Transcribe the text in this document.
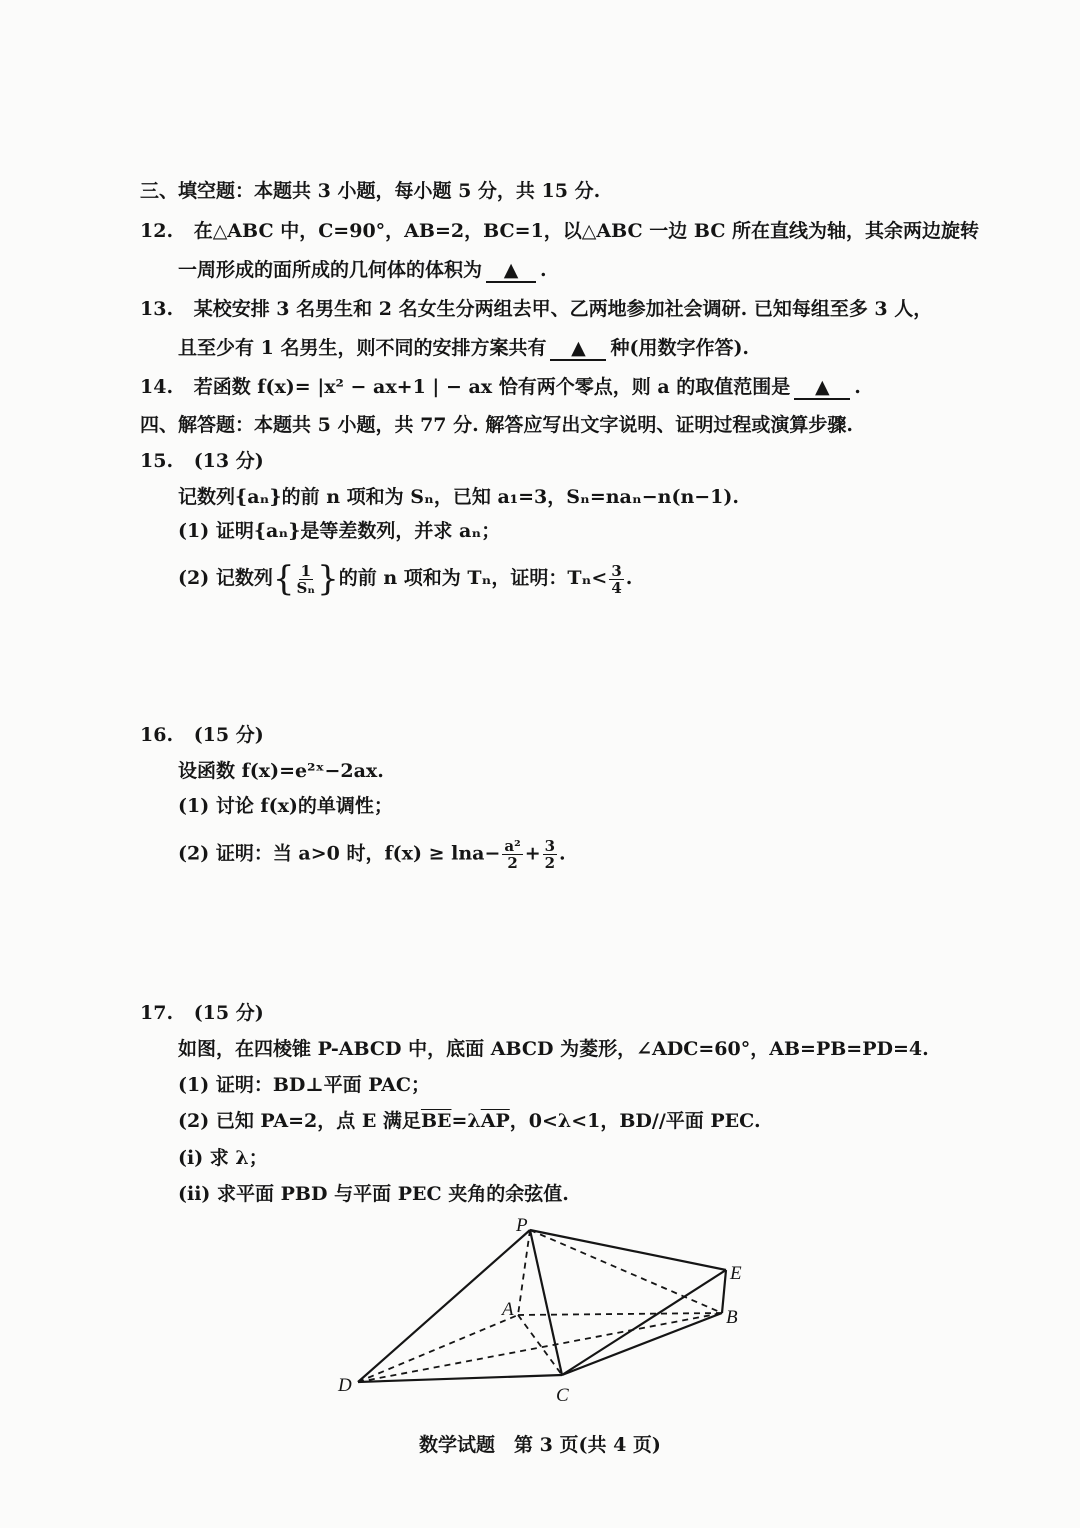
三、填空题：本题共 3 小题，每小题 5 分，共 15 分.
12. 在△ABC 中，C=90°，AB=2，BC=1，以△ABC 一边 BC 所在直线为轴，其余两边旋转
一周形成的面所成的几何体的体积为 ▲ .
13. 某校安排 3 名男生和 2 名女生分两组去甲、乙两地参加社会调研. 已知每组至多 3 人，
且至少有 1 名男生，则不同的安排方案共有 ▲ 种(用数字作答).
14. 若函数 f(x)= |x² − ax+1 | − ax 恰有两个零点，则 a 的取值范围是 ▲ .
四、解答题：本题共 5 小题，共 77 分. 解答应写出文字说明、证明过程或演算步骤.
15. (13 分)
记数列{aₙ}的前 n 项和为 Sₙ，已知 a₁=3，Sₙ=naₙ−n(n−1).
(1) 证明{aₙ}是等差数列，并求 aₙ；
(2) 记数列{ $\frac{1}{\text{Sₙ}}$ }的前 n 项和为 Tₙ，证明：$T_n< \frac{3}{4}$ .
16. (15 分)
设函数 f(x)=e²ˣ−2ax.
(1) 讨论 f(x)的单调性；
(2) 证明：当 a>0 时，$f(x) \ge \ln a- \frac{\text{a²}}{2} + \frac{3}{2}$ .
17. (15 分)
如图，在四棱锥 P-ABCD 中，底面 ABCD 为菱形，∠ADC=60°，AB=PB=PD=4.
(1) 证明：BD⊥平面 PAC；
(2) 已知 PA=2，点 E 满足$\overline{BE}=\lambda\overline{AP}$，0<λ<1，BD//平面 PEC.
(i) 求 λ；
(ii) 求平面 PBD 与平面 PEC 夹角的余弦值.
P
A	B
C
D
E
数学试题　第 3 页(共 4 页)
